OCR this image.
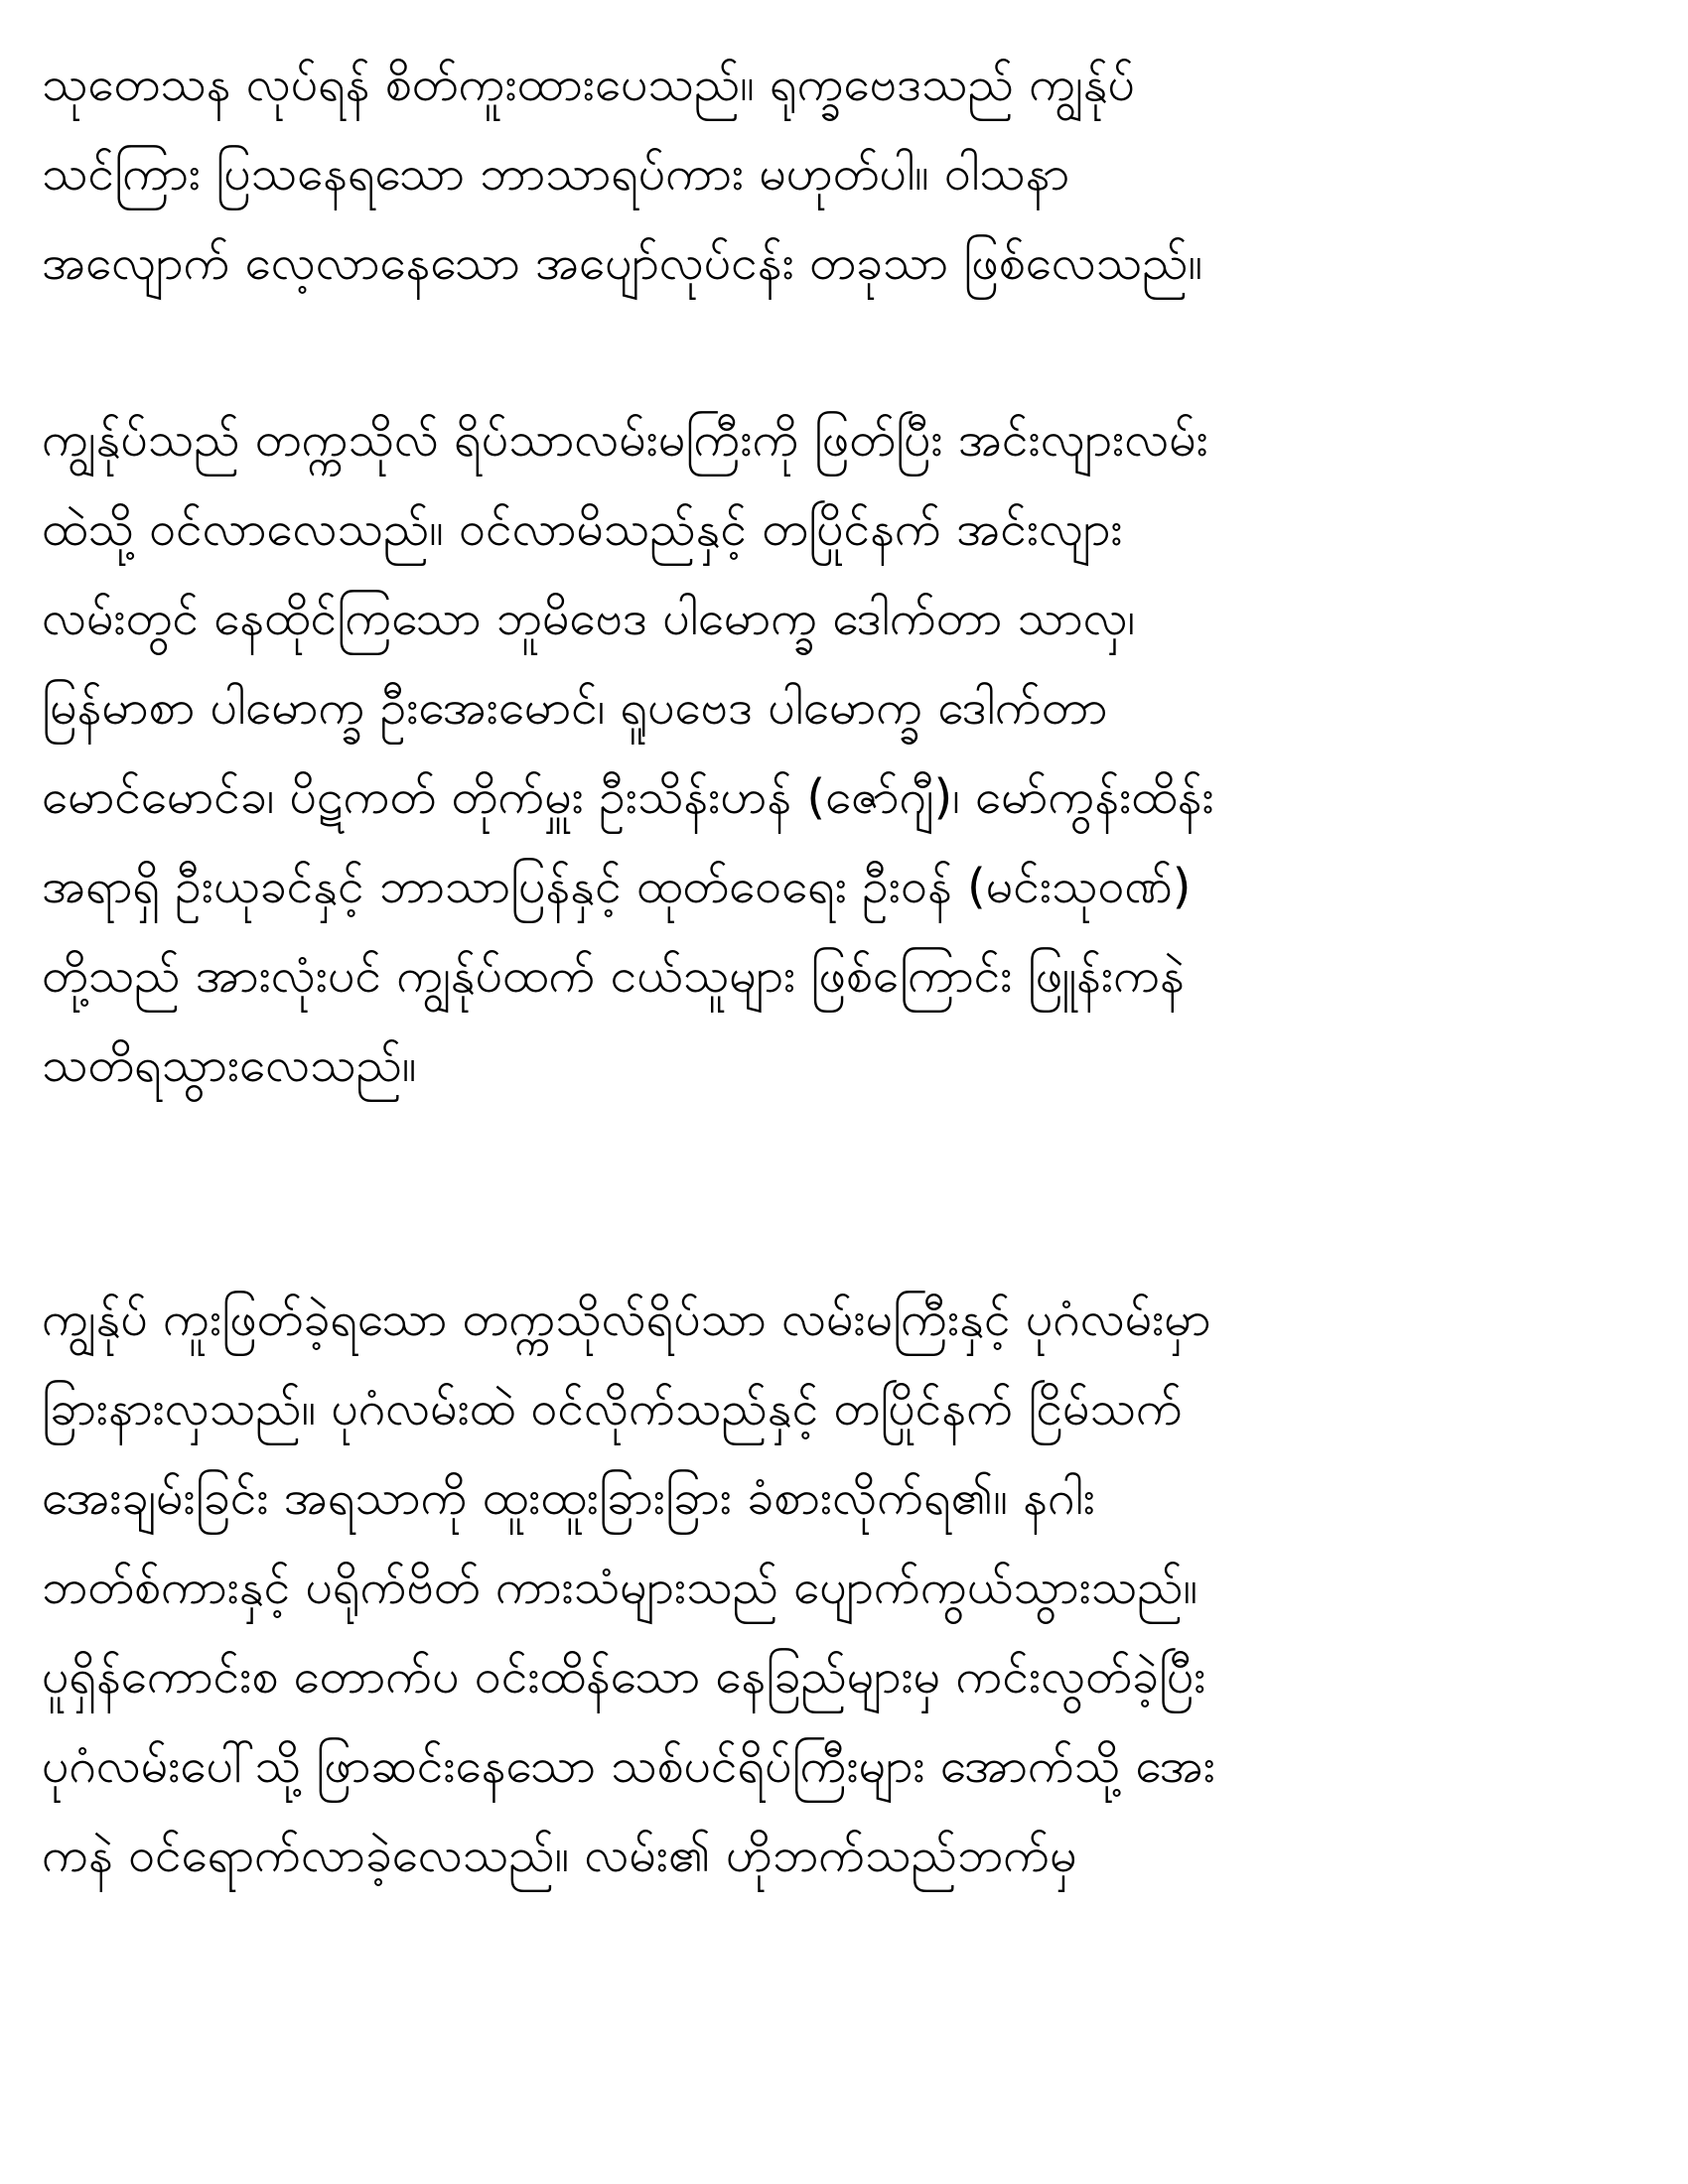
သုတေသန လုပ်ရန် စိတ်ကူးထားပေသည်။ ရုက္ခဗေဒသည် ကျွန်ုပ်
သင်ကြား ပြသနေရသော ဘာသာရပ်ကား မဟုတ်ပါ။ ဝါသနာ
အလျောက် လေ့လာနေသော အပျော်လုပ်ငန်း တခုသာ ဖြစ်လေသည်။
ကျွန်ုပ်သည် တက္ကသိုလ် ရိပ်သာလမ်းမကြီးကို ဖြတ်ပြီး အင်းလျားလမ်း
ထဲသို့ ဝင်လာလေသည်။ ဝင်လာမိသည်နှင့် တပြိုင်နက် အင်းလျား
လမ်းတွင် နေထိုင်ကြသော ဘူမိဗေဒ ပါမောက္ခ ဒေါက်တာ သာလှ၊
မြန်မာစာ ပါမောက္ခ ဦးအေးမောင်၊ ရူပဗေဒ ပါမောက္ခ ဒေါက်တာ
မောင်မောင်ခ၊ ပိဋကတ် တိုက်မှူး ဦးသိန်းဟန် (ဇော်ဂျီ)၊ မော်ကွန်းထိန်း
အရာရှိ ဦးယုခင်နှင့် ဘာသာပြန်နှင့် ထုတ်ဝေရေး ဦးဝန် (မင်းသုဝဏ်)
တို့သည် အားလုံးပင် ကျွန်ုပ်ထက် ငယ်သူများ ဖြစ်ကြောင်း ဖြူန်းကနဲ
သတိရသွားလေသည်။
ကျွန်ုပ် ကူးဖြတ်ခဲ့ရသော တက္ကသိုလ်ရိပ်သာ လမ်းမကြီးနှင့် ပုဂံလမ်းမှာ
ခြားနားလှသည်။ ပုဂံလမ်းထဲ ဝင်လိုက်သည်နှင့် တပြိုင်နက် ငြိမ်သက်
အေးချမ်းခြင်း အရသာကို ထူးထူးခြားခြား ခံစားလိုက်ရ၏။ နဂါး
ဘတ်စ်ကားနှင့် ပရိုက်ဗိတ် ကားသံများသည် ပျောက်ကွယ်သွားသည်။
ပူရှိန်ကောင်းစ တောက်ပ ဝင်းထိန်သော နေခြည်များမှ ကင်းလွတ်ခဲ့ပြီး
ပုဂံလမ်းပေါ်သို့ ဖြာဆင်းနေသော သစ်ပင်ရိပ်ကြီးများ အောက်သို့ အေး
ကနဲ ဝင်ရောက်လာခဲ့လေသည်။ လမ်း၏ ဟိုဘက်သည်ဘက်မှ
